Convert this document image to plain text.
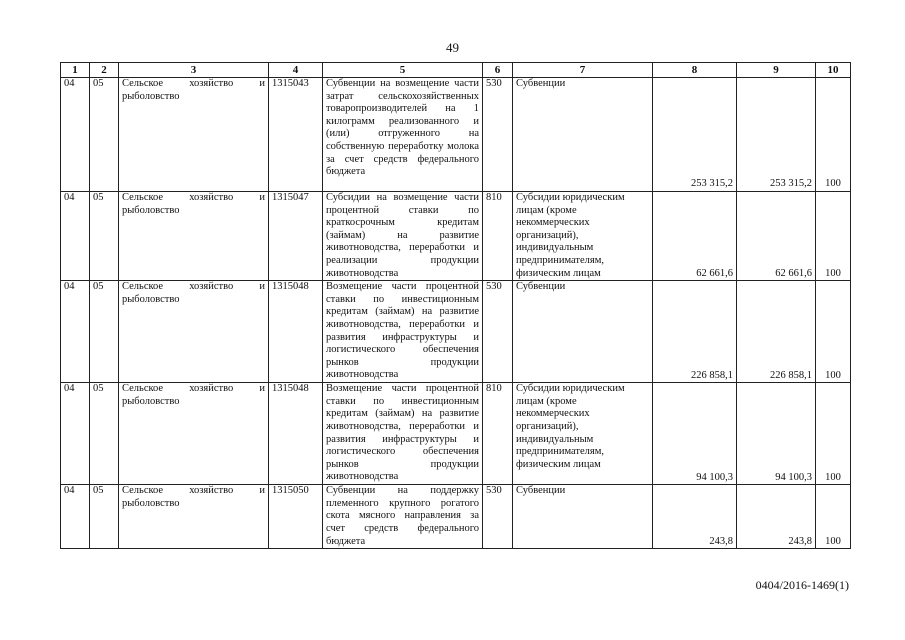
49
1	2	3	4	5	6	7	8	9	10
04	05	Сельское хозяйство и рыболовство	1315043	Субвенции на возмещение части затрат сельскохозяйственных товаропроизводителей на 1 килограмм реализованного и (или) отгруженного на собственную переработку молока за счет средств федерального бюджета	530	Субвенции	253 315,2	253 315,2	100
04	05	Сельское хозяйство и рыболовство	1315047	Субсидии на возмещение части процентной ставки по краткосрочным кредитам (займам) на развитие животноводства, переработки и реализации продукции животноводства	810	Субсидии юридическим лицам (кроме некоммерческих организаций), индивидуальным предпринимателям, физическим лицам	62 661,6	62 661,6	100
04	05	Сельское хозяйство и рыболовство	1315048	Возмещение части процентной ставки по инвестиционным кредитам (займам) на развитие животноводства, переработки и развития инфраструктуры и логистического обеспечения рынков продукции животноводства	530	Субвенции	226 858,1	226 858,1	100
04	05	Сельское хозяйство и рыболовство	1315048	Возмещение части процентной ставки по инвестиционным кредитам (займам) на развитие животноводства, переработки и развития инфраструктуры и логистического обеспечения рынков продукции животноводства	810	Субсидии юридическим лицам (кроме некоммерческих организаций), индивидуальным предпринимателям, физическим лицам	94 100,3	94 100,3	100
04	05	Сельское хозяйство и рыболовство	1315050	Субвенции на поддержку племенного крупного рогатого скота мясного направления за счет средств федерального бюджета	530	Субвенции	243,8	243,8	100
0404/2016-1469(1)
